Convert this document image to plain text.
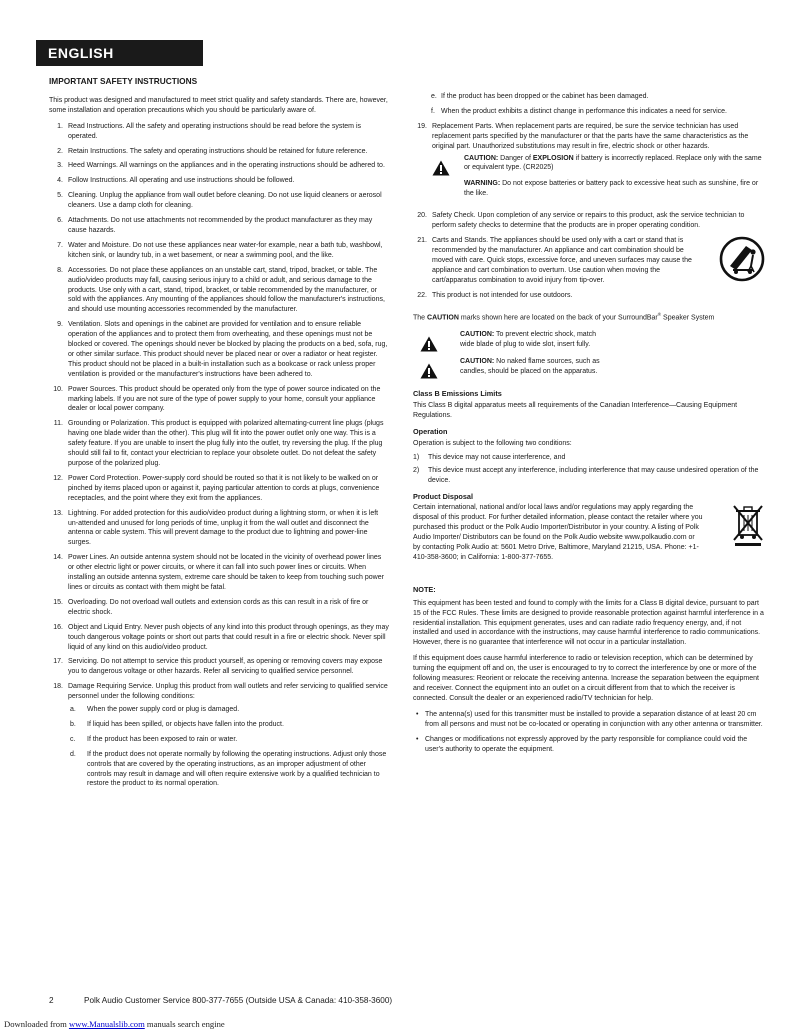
ENGLISH
IMPORTANT SAFETY INSTRUCTIONS

This product was designed and manufactured to meet strict quality and safety standards. There are, however, some installation and operation precautions which you should be particularly aware of.

1. Read Instructions. All the safety and operating instructions should be read before the system is operated.
2. Retain Instructions. The safety and operating instructions should be retained for future reference.
3. Heed Warnings. All warnings on the appliances and in the operating instructions should be adhered to.
4. Follow Instructions. All operating and use instructions should be followed.
5. Cleaning. Unplug the appliance from wall outlet before cleaning. Do not use liquid cleaners or aerosol cleaners. Use a damp cloth for cleaning.
6. Attachments. Do not use attachments not recommended by the product manufacturer as they may cause hazards.
7. Water and Moisture. Do not use these appliances near water-for example, near a bath tub, washbowl, kitchen sink, or laundry tub, in a wet basement, or near a swimming pool, and the like.
8. Accessories. Do not place these appliances on an unstable cart, stand, tripod, bracket, or table. The audio/video products may fall, causing serious injury to a child or adult, and serious damage to the products. Use only with a cart, stand, tripod, bracket, or table recommended by the manufacturer, or sold with the appliances. Any mounting of the appliances should follow the manufacturer's instructions, and should use mounting accessories recommended by the manufacturer.
9. Ventilation. Slots and openings in the cabinet are provided for ventilation and to ensure reliable operation of the appliances and to protect them from overheating, and these openings must not be blocked or covered. The openings should never be blocked by placing the products on a bed, sofa, rug, or other similar surface. This product should never be placed near or over a radiator or heat register. This product should not be placed in a built-in installation such as a bookcase or rack unless proper ventilation is provided or the manufacturer's instructions have been adhered to.
10. Power Sources. This product should be operated only from the type of power source indicated on the marking labels. If you are not sure of the type of power supply to your home, consult your appliance dealer or local power company.
11. Grounding or Polarization. This product is equipped with polarized alternating-current line plugs (plugs having one blade wider than the other). This plug will fit into the power outlet only one way. This is a safety feature. If you are unable to insert the plug fully into the outlet, try reversing the plug. If the plug should still fail to fit, contact your electrician to replace your obsolete outlet. Do not defeat the safety purpose of the polarized plug.
12. Power Cord Protection. Power-supply cord should be routed so that it is not likely to be walked on or pinched by items placed upon or against it, paying particular attention to cords at plugs, convenience receptacles, and the point where they exit from the appliances.
13. Lightning. For added protection for this audio/video product during a lightning storm, or when it is left un-attended and unused for long periods of time, unplug it from the wall outlet and disconnect the antenna or cable system. This will prevent damage to the product due to lightning and power-line surges.
14. Power Lines. An outside antenna system should not be located in the vicinity of overhead power lines or other electric light or power circuits, or where it can fall into such power lines or circuits. When installing an outside antenna system, extreme care should be taken to keep from touching such power lines or circuits as contact with them might be fatal.
15. Overloading. Do not overload wall outlets and extension cords as this can result in a risk of fire or electric shock.
16. Object and Liquid Entry. Never push objects of any kind into this product through openings, as they may touch dangerous voltage points or short out parts that could result in a fire or electric shock. Never spill liquid of any kind on this audio/video product.
17. Servicing. Do not attempt to service this product yourself, as opening or removing covers may expose you to dangerous voltage or other hazards. Refer all servicing to qualified service personnel.
18. Damage Requiring Service. Unplug this product from wall outlets and refer servicing to qualified service personnel under the following conditions:
a. When the power supply cord or plug is damaged.
b. If liquid has been spilled, or objects have fallen into the product.
c. If the product has been exposed to rain or water.
d. If the product does not operate normally by following the operating instructions. Adjust only those controls that are covered by the operating instructions, as an improper adjustment of other controls may result in damage and will often require extensive work by a qualified technician to restore the product to its normal operation.
e. If the product has been dropped or the cabinet has been damaged.
f. When the product exhibits a distinct change in performance this indicates a need for service.
19. Replacement Parts. When replacement parts are required, be sure the service technician has used replacement parts specified by the manufacturer or that the parts have the same characteristics as the original part. Unauthorized substitutions may result in fire, electric shock or other hazards.

CAUTION: Danger of EXPLOSION if battery is incorrectly replaced. Replace only with the same or equivalent type. (CR2025)

WARNING: Do not expose batteries or battery pack to excessive heat such as sunshine, fire or the like.

20. Safety Check. Upon completion of any service or repairs to this product, ask the service technician to perform safety checks to determine that the products are in proper operating condition.
21. Carts and Stands. The appliances should be used only with a cart or stand that is recommended by the manufacturer. An appliance and cart combination should be moved with care. Quick stops, excessive force, and uneven surfaces may cause the appliance and cart combination to overturn. Use caution when moving the cart/apparatus combination to avoid injury from tip-over.
22. This product is not intended for use outdoors.

The CAUTION marks shown here are located on the back of your SurroundBar® Speaker System

CAUTION: To prevent electric shock, match wide blade of plug to wide slot, insert fully.

CAUTION: No naked flame sources, such as candles, should be placed on the apparatus.

Class B Emissions Limits

This Class B digital apparatus meets all requirements of the Canadian Interference—Causing Equipment Regulations.

Operation

Operation is subject to the following two conditions:

1) This device may not cause interference, and
2) This device must accept any interference, including interference that may cause undesired operation of the device.
Product Disposal

Certain international, national and/or local laws and/or regulations may apply regarding the disposal of this product. For further detailed information, please contact the retailer where you purchased this product or the Polk Audio Importer/Distributor in your country. A listing of Polk Audio Importer/ Distributors can be found on the Polk Audio website www.polkaudio.com or by contacting Polk Audio at: 5601 Metro Drive, Baltimore, Maryland 21215, USA. Phone: +1-410-358-3600; in California: 1-800-377-7655.

NOTE:

This equipment has been tested and found to comply with the limits for a Class B digital device, pursuant to part 15 of the FCC Rules. These limits are designed to provide reasonable protection against harmful interference in a residential installation. This equipment generates, uses and can radiate radio frequency energy, and, if not installed and used in accordance with the instructions, may cause harmful interference to radio communications. However, there is no guarantee that interference will not occur in a particular installation.

If this equipment does cause harmful interference to radio or television reception, which can be determined by turning the equipment off and on, the user is encouraged to try to correct the interference by one or more of the following measures: Reorient or relocate the receiving antenna. Increase the separation between the equipment and receiver. Connect the equipment into an outlet on a circuit different from that to which the receiver is connected. Consult the dealer or an experienced radio/TV technician for help.

• The antenna(s) used for this transmitter must be installed to provide a separation distance of at least 20 cm from all persons and must not be co-located or operating in conjunction with any other antenna or transmitter.
• Changes or modifications not expressly approved by the party responsible for compliance could void the user's authority to operate the equipment.
2	Polk Audio Customer Service 800-377-7655 (Outside USA & Canada: 410-358-3600)
Downloaded from www.Manualslib.com manuals search engine
